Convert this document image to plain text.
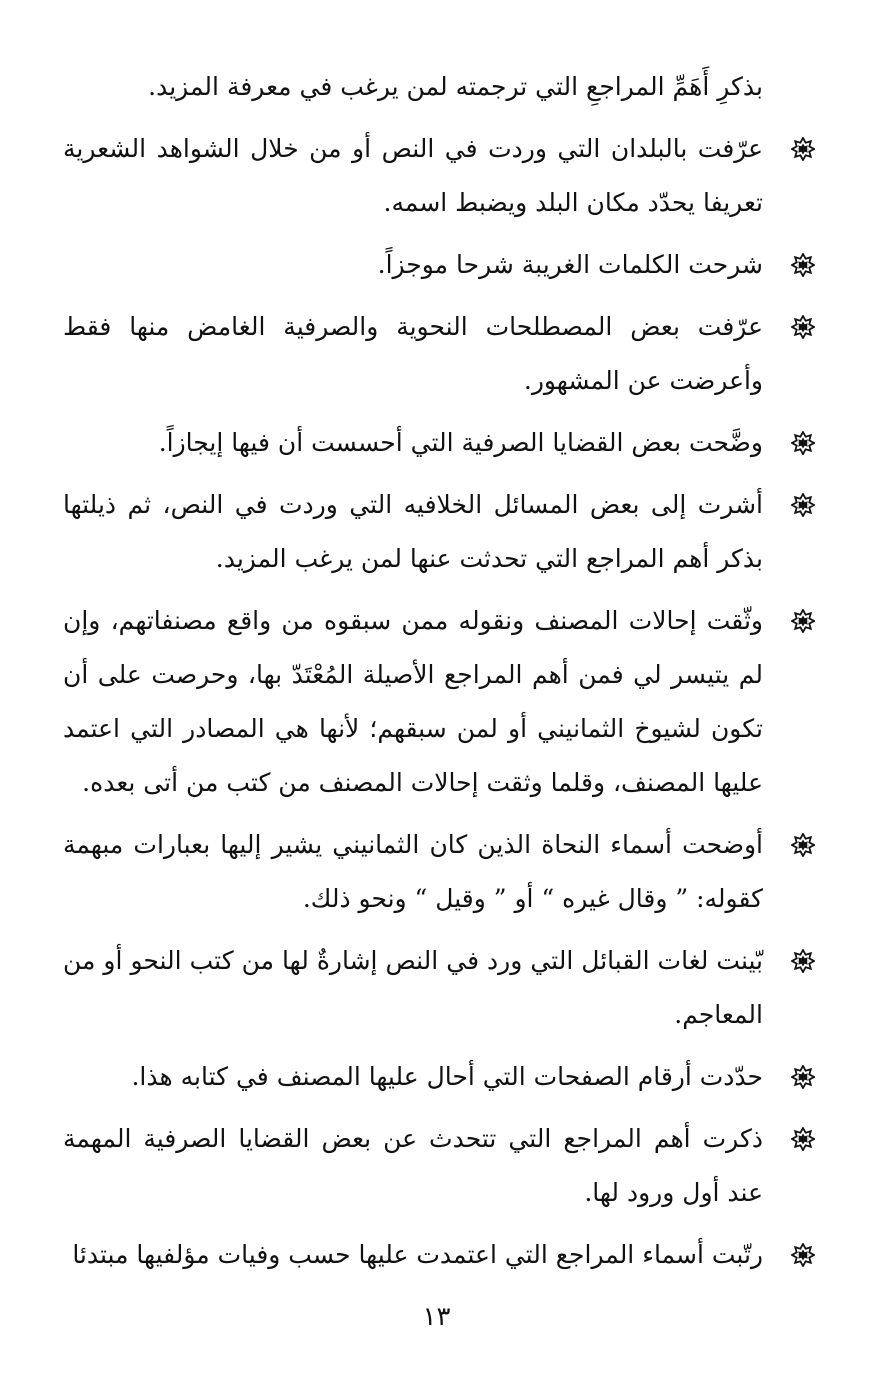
بذكرِ أَهَمِّ المراجعِ التي ترجمته لمن يرغب في معرفة المزيد.

عرّفت بالبلدان التي وردت في النص أو من خلال الشواهد الشعرية تعريفا يحدّد مكان البلد ويضبط اسمه.
شرحت الكلمات الغريبة شرحا موجزاً.
عرّفت بعض المصطلحات النحوية والصرفية الغامض منها فقط وأعرضت عن المشهور.
وضَّحت بعض القضايا الصرفية التي أحسست أن فيها إيجازاً.
أشرت إلى بعض المسائل الخلافيه التي وردت في النص، ثم ذيلتها بذكر أهم المراجع التي تحدثت عنها لمن يرغب المزيد.
وثّقت إحالات المصنف ونقوله ممن سبقوه من واقع مصنفاتهم، وإن لم يتيسر لي فمن أهم المراجع الأصيلة المُعْتَدّ بها، وحرصت على أن تكون لشيوخ الثمانيني أو لمن سبقهم؛ لأنها هي المصادر التي اعتمد عليها المصنف، وقلما وثقت إحالات المصنف من كتب من أتى بعده.
أوضحت أسماء النحاة الذين كان الثمانيني يشير إليها بعبارات مبهمة كقوله: ” وقال غيره “ أو ” وقيل “ ونحو ذلك.
بّينت لغات القبائل التي ورد في النص إشارةٌ لها من كتب النحو أو من المعاجم.
حدّدت أرقام الصفحات التي أحال عليها المصنف في كتابه هذا.
ذكرت أهم المراجع التي تتحدث عن بعض القضايا الصرفية المهمة عند أول ورود لها.
رتّبت أسماء المراجع التي اعتمدت عليها حسب وفيات مؤلفيها مبتدئا
١٣
